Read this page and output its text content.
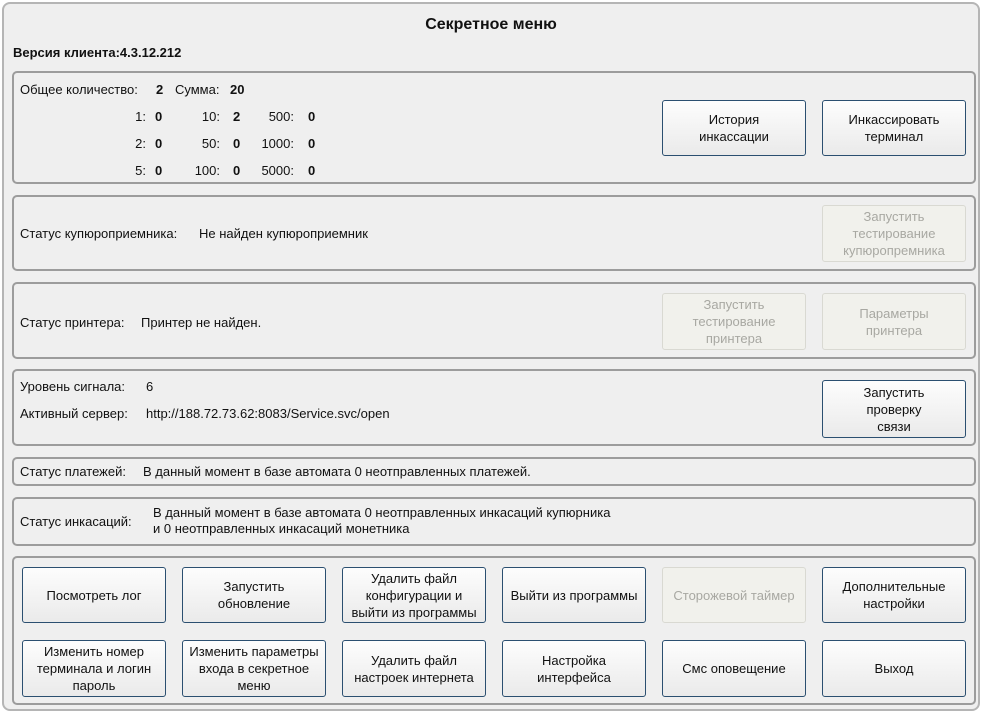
Секретное меню
Версия клиента:4.3.12.212
Общее количество: 2 Сумма: 20
1: 0	10: 2	500: 0
2: 0	50: 0	1000: 0
5: 0	100: 0	5000: 0
История
инкассации
Инкассировать
терминал
Статус купюроприемника: Не найден купюроприемник
Запустить
тестирование
купюропремника
Статус принтера: Принтер не найден.
Запустить
тестирование
принтера
Параметры
принтера
Уровень сигнала: 6
Активный сервер: http://188.72.73.62:8083/Service.svc/open
Запустить
проверку
связи
Статус платежей: В данный момент в базе автомата 0 неотправленных платежей.
Статус инкасаций:
В данный момент в базе автомата 0 неотправленных инкасаций купюрника
и 0 неотправленных инкасаций монетника
Посмотреть лог
Запустить
обновление
Удалить файл
конфигурации и
выйти из программы
Выйти из программы	Сторожевой таймер
Дополнительные
настройки
Изменить номер
терминала и логин
пароль
Изменить параметры
входа в секретное
меню
Удалить файл
настроек интернета
Настройка
интерфейса
Смс оповещение	Выход
